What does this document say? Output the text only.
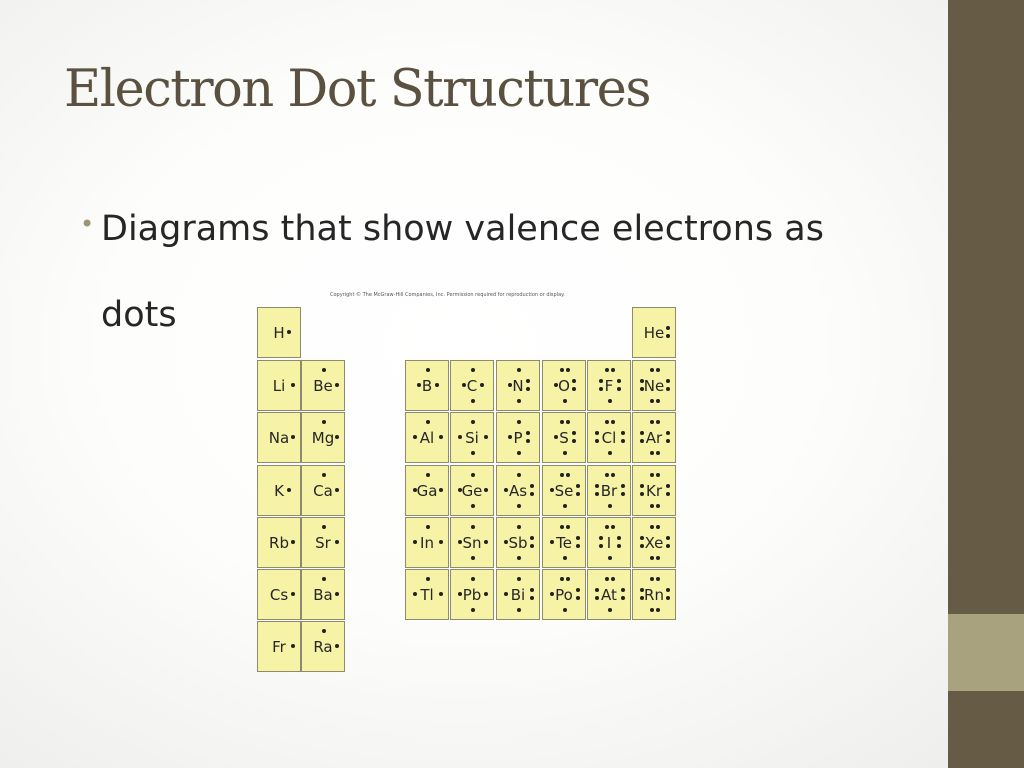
Electron Dot Structures
• Diagrams that show valence electrons as

dots	Copyright © The McGraw-Hill Companies, Inc. Permission required for reproduction or display.
H
Li
Na
K
Rb
Cs
Fr
Be
Mg
Ca
Sr
Ba
Ra
B
Al
Ga
In
Tl
C
Si
Ge
Sn
Pb
N
P
As
Sb
Bi
O
S
Se
Te
Po
F
Cl
Br
I
At
He
Ne
Ar
Kr
Xe
Rn
